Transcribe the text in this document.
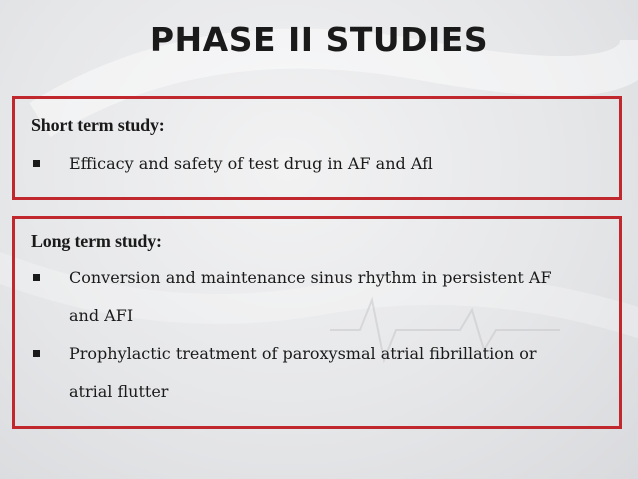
PHASE II STUDIES
Short term study:
Efficacy and safety of test drug in AF and Afl
Long term study:
Conversion and maintenance sinus rhythm in persistent AF
and AFI
Prophylactic treatment of paroxysmal atrial fibrillation or
atrial flutter
